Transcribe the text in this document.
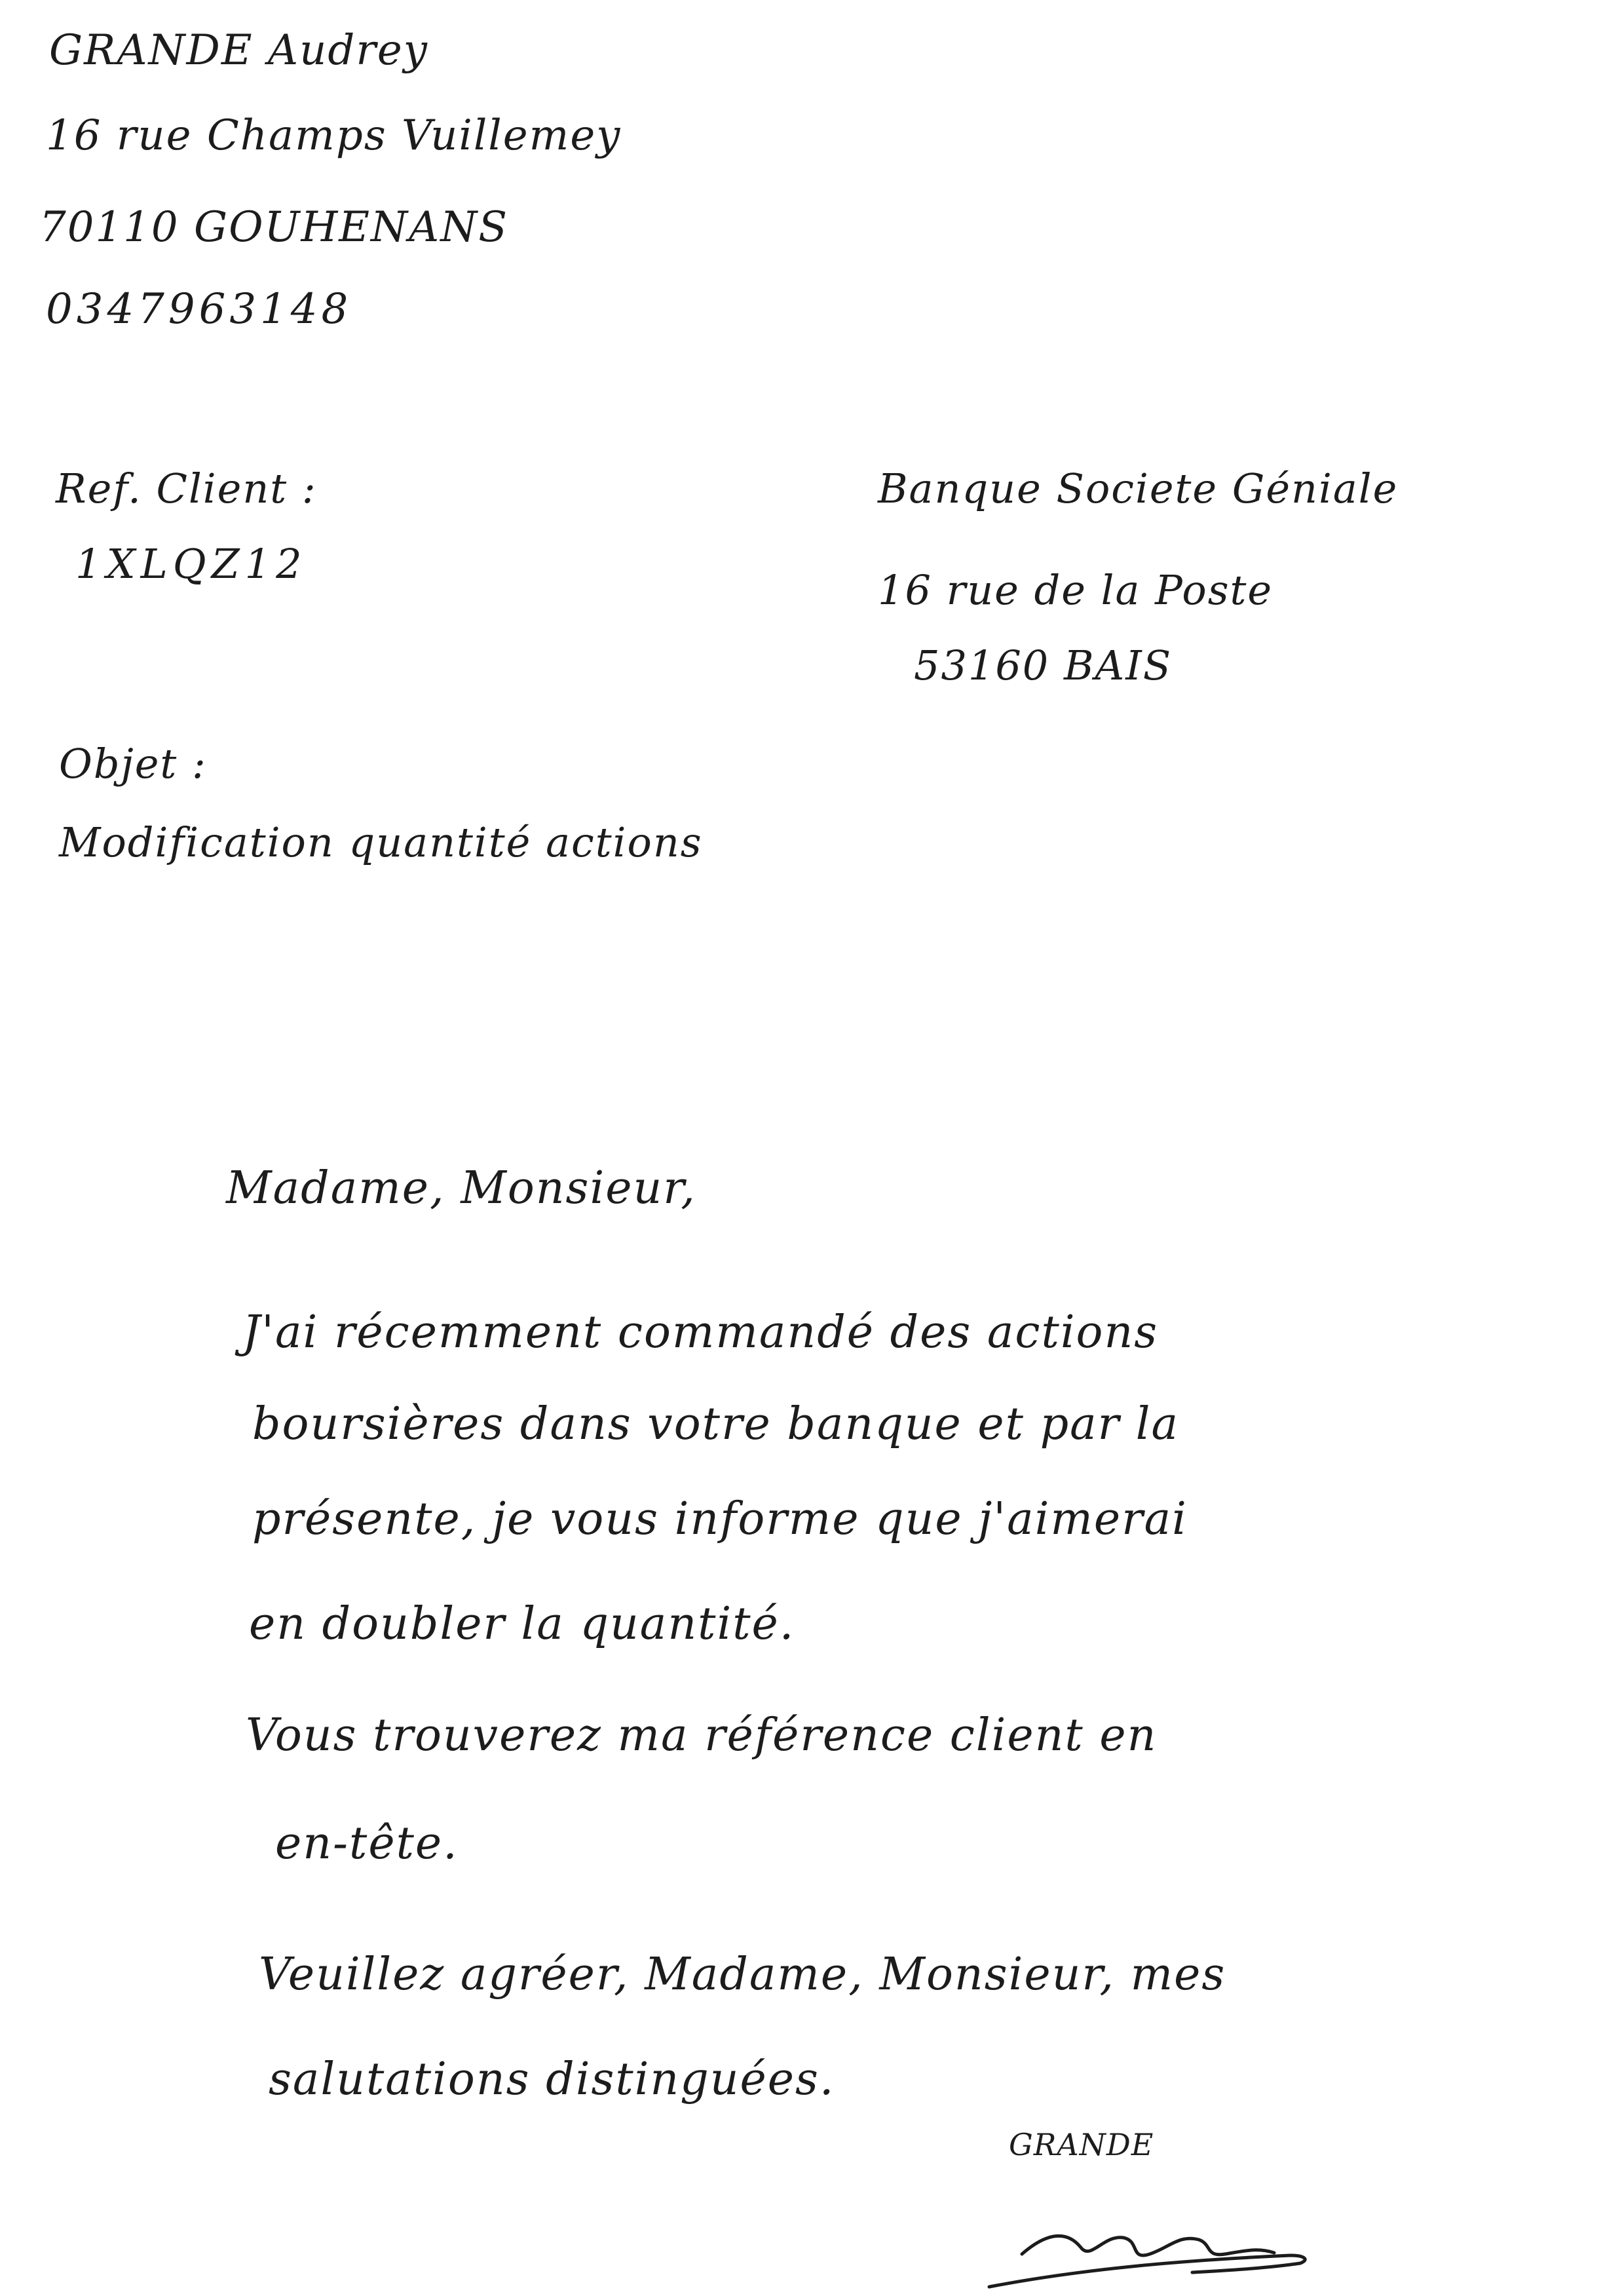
GRANDE Audrey
16 rue Champs Vuillemey
70110 GOUHENANS
0347963148
Ref. Client :
1XLQZ12
Banque Societe Géniale
16 rue de la Poste
53160 BAIS
Objet :
Modification quantité actions
Madame, Monsieur,
J'ai récemment commandé des actions
boursières dans votre banque et par la
présente, je vous informe que j'aimerai
en doubler la quantité.
Vous trouverez ma référence client en
en-tête.
Veuillez agréer, Madame, Monsieur, mes
salutations distinguées.
GRANDE
